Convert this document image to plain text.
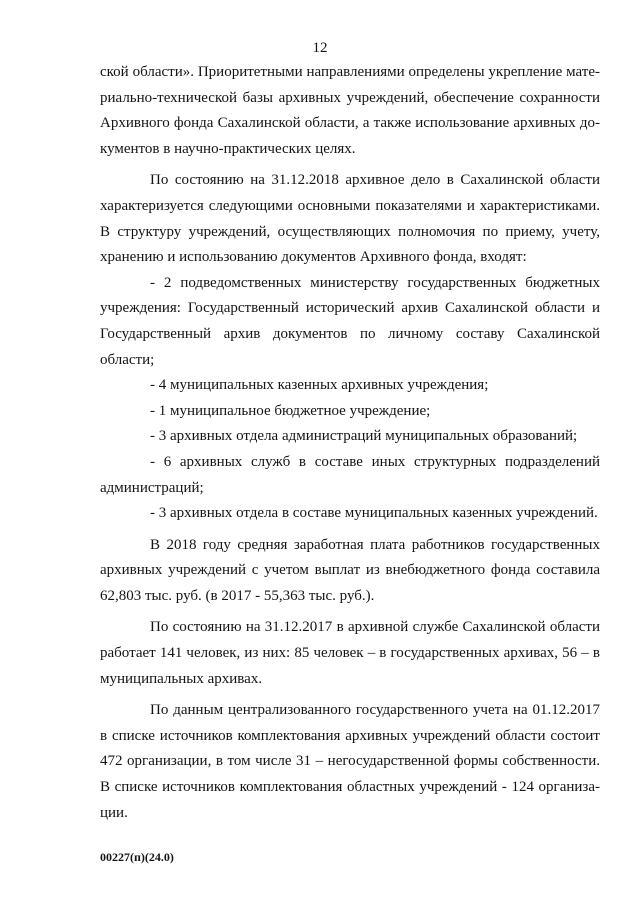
12

ской области». Приоритетными направлениями определены укрепление материально-технической базы архивных учреждений, обеспечение сохранности Архивного фонда Сахалинской области, а также использование архивных документов в научно-практических целях.

По состоянию на 31.12.2018 архивное дело в Сахалинской области характеризуется следующими основными показателями и характеристиками. В структуру учреждений, осуществляющих полномочия по приему, учету, хранению и использованию документов Архивного фонда, входят:

- 2 подведомственных министерству государственных бюджетных учреждения: Государственный исторический архив Сахалинской области и Государственный архив документов по личному составу Сахалинской области;

- 4 муниципальных казенных архивных учреждения;

- 1 муниципальное бюджетное учреждение;

- 3 архивных отдела администраций муниципальных образований;

- 6 архивных служб в составе иных структурных подразделений администраций;

- 3 архивных отдела в составе муниципальных казенных учреждений.

В 2018 году средняя заработная плата работников государственных архивных учреждений с учетом выплат из внебюджетного фонда составила 62,803 тыс. руб. (в 2017 - 55,363 тыс. руб.).

По состоянию на 31.12.2017 в архивной службе Сахалинской области работает 141 человек, из них: 85 человек – в государственных архивах, 56 – в муниципальных архивах.

По данным централизованного государственного учета на 01.12.2017 в списке источников комплектования архивных учреждений области состоит 472 организации, в том числе 31 – негосударственной формы собственности. В списке источников комплектования областных учреждений - 124 организации.

00227(п)(24.0)
